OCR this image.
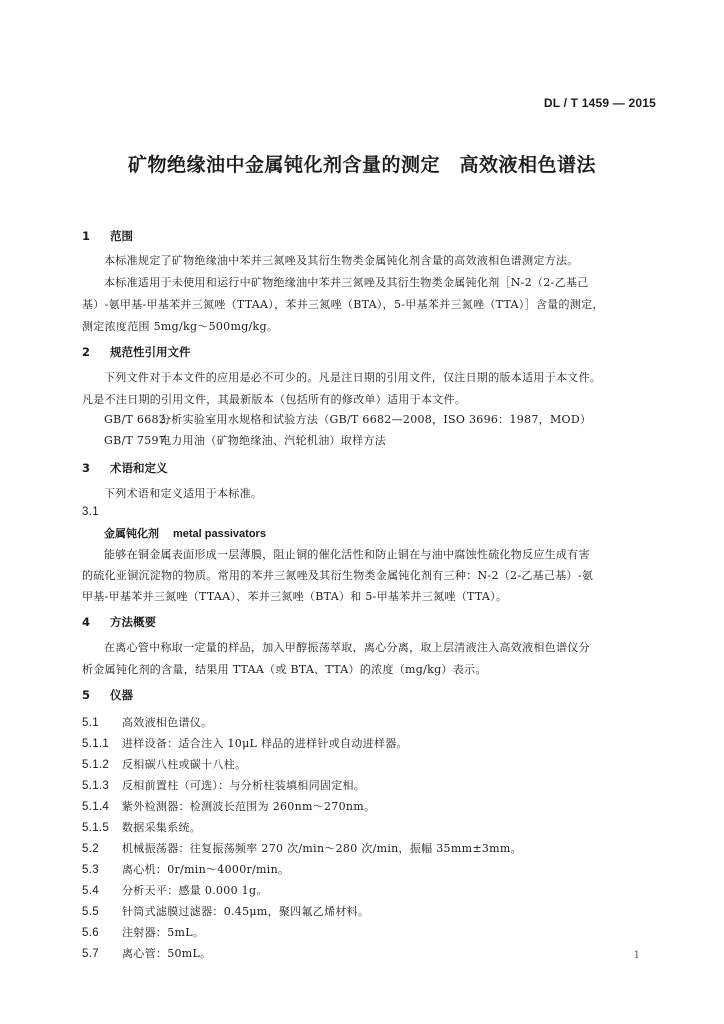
DL / T 1459 — 2015
矿物绝缘油中金属钝化剂含量的测定　高效液相色谱法
1 范围
本标准规定了矿物绝缘油中苯并三氮唑及其衍生物类金属钝化剂含量的高效液相色谱测定方法。
本标准适用于未使用和运行中矿物绝缘油中苯并三氮唑及其衍生物类金属钝化剂［N-2（2-乙基己
基）-氨甲基-甲基苯并三氮唑（TTAA），苯并三氮唑（BTA），5-甲基苯并三氮唑（TTA）］含量的测定，
测定浓度范围 5mg/kg～500mg/kg。
2 规范性引用文件
下列文件对于本文件的应用是必不可少的。凡是注日期的引用文件，仅注日期的版本适用于本文件。
凡是不注日期的引用文件，其最新版本（包括所有的修改单）适用于本文件。
GB/T 6682分析实验室用水规格和试验方法（GB/T 6682—2008，ISO 3696：1987，MOD）
GB/T 7597电力用油（矿物绝缘油、汽轮机油）取样方法
3 术语和定义
下列术语和定义适用于本标准。
3.1
金属钝化剂 metal passivators
能够在铜金属表面形成一层薄膜，阻止铜的催化活性和防止铜在与油中腐蚀性硫化物反应生成有害
的硫化亚铜沉淀物的物质。常用的苯并三氮唑及其衍生物类金属钝化剂有三种：N-2（2-乙基己基）-氨
甲基-甲基苯并三氮唑（TTAA）、苯并三氮唑（BTA）和 5-甲基苯并三氮唑（TTA）。
4 方法概要
在离心管中称取一定量的样品，加入甲醇振荡萃取，离心分离，取上层清液注入高效液相色谱仪分
析金属钝化剂的含量，结果用 TTAA（或 BTA、TTA）的浓度（mg/kg）表示。
5 仪器
5.1 高效液相色谱仪。
5.1.1 进样设备：适合注入 10μL 样品的进样针或自动进样器。
5.1.2 反相碳八柱或碳十八柱。
5.1.3 反相前置柱（可选）：与分析柱装填相同固定相。
5.1.4 紫外检测器：检测波长范围为 260nm～270nm。
5.1.5 数据采集系统。
5.2 机械振荡器：往复振荡频率 270 次/min～280 次/min，振幅 35mm±3mm。
5.3 离心机：0r/min～4000r/min。
5.4 分析天平：感量 0.000 1g。
5.5 针筒式滤膜过滤器：0.45μm，聚四氟乙烯材料。
5.6 注射器：5mL。
5.7 离心管：50mL。	1
